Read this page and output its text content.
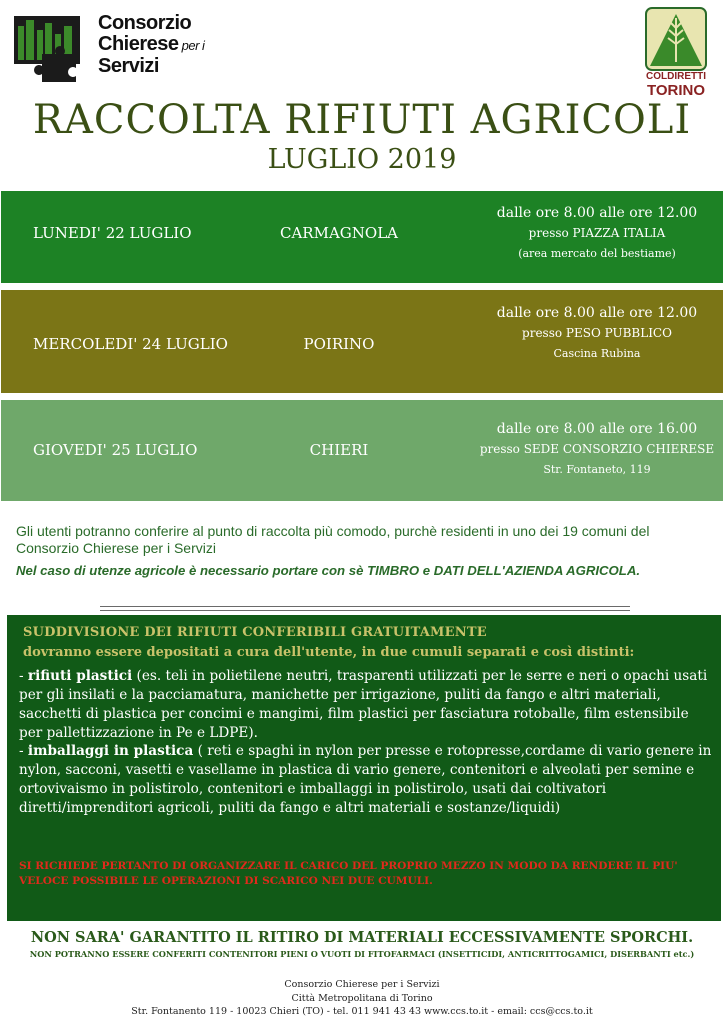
Consorzio
Chierese per i
Servizi	COLDIRETTI
TORINO
RACCOLTA RIFIUTI AGRICOLI
LUGLIO 2019
LUNEDI' 22 LUGLIO	CARMAGNOLA
dalle ore 8.00 alle ore 12.00
presso PIAZZA ITALIA
(area mercato del bestiame)
MERCOLEDI' 24 LUGLIO	POIRINO
dalle ore 8.00 alle ore 12.00
presso PESO PUBBLICO
Cascina Rubina
GIOVEDI' 25 LUGLIO	CHIERI
dalle ore 8.00 alle ore 16.00
presso SEDE CONSORZIO CHIERESE
Str. Fontaneto, 119
Gli utenti potranno conferire al punto di raccolta più comodo, purchè residenti in uno dei 19 comuni del Consorzio Chierese per i Servizi
Nel caso di utenze agricole è necessario portare con sè TIMBRO e DATI DELL'AZIENDA AGRICOLA.
SUDDIVISIONE DEI RIFIUTI CONFERIBILI GRATUITAMENTE
dovranno essere depositati a cura dell'utente, in due cumuli separati e così distinti:
- rifiuti plastici (es. teli in polietilene neutri, trasparenti utilizzati per le serre e neri o opachi usati per gli insilati e la pacciamatura, manichette per irrigazione, puliti da fango e altri materiali, sacchetti di plastica per concimi e mangimi, film plastici per fasciatura rotoballe, film estensibile per pallettizzazione in Pe e LDPE).
- imballaggi in plastica ( reti e spaghi in nylon per presse e rotopresse,cordame di vario genere in nylon, sacconi, vasetti e vasellame in plastica di vario genere, contenitori e alveolati per semine e ortovivaismo in polistirolo, contenitori e imballaggi in polistirolo, usati dai coltivatori diretti/imprenditori agricoli, puliti da fango e altri materiali e sostanze/liquidi)
SI RICHIEDE PERTANTO DI ORGANIZZARE IL CARICO DEL PROPRIO MEZZO IN MODO DA RENDERE IL PIU' VELOCE POSSIBILE LE OPERAZIONI DI SCARICO NEI DUE CUMULI.
NON SARA' GARANTITO IL RITIRO DI MATERIALI ECCESSIVAMENTE SPORCHI.
NON POTRANNO ESSERE CONFERITI CONTENITORI PIENI O VUOTI DI FITOFARMACI (INSETTICIDI, ANTICRITTOGAMICI, DISERBANTI etc.)
Consorzio Chierese per i Servizi
Città Metropolitana di Torino
Str. Fontanento 119 - 10023 Chieri (TO) - tel. 011 941 43 43 www.ccs.to.it - email: ccs@ccs.to.it
